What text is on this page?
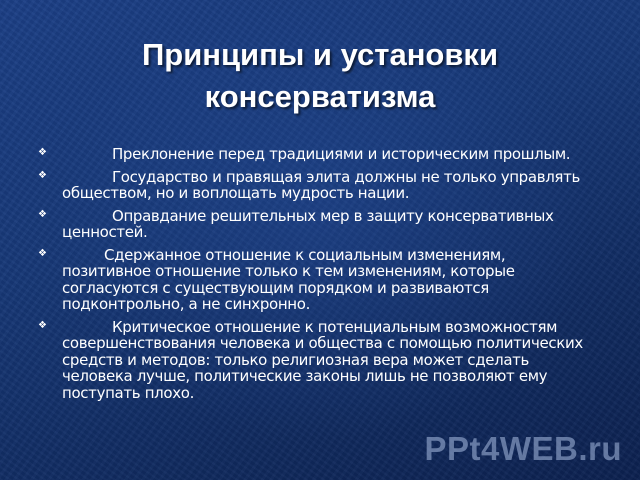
Принципы и установки
консерватизма
❖	Преклонение перед традициями и историческим прошлым.
❖	Государство и правящая элита должны не только управлять обществом, но и воплощать мудрость нации.
❖	Оправдание решительных мер в защиту консервативных ценностей.
❖	Сдержанное отношение к социальным изменениям, позитивное отношение только к тем изменениям, которые согласуются с существующим порядком и развиваются подконтрольно, а не синхронно.
❖	Критическое отношение к потенциальным возможностям совершенствования человека и общества с помощью политических средств и методов: только религиозная вера может сделать человека лучше, политические законы лишь не позволяют ему поступать плохо.
PPt4WEB.ru
